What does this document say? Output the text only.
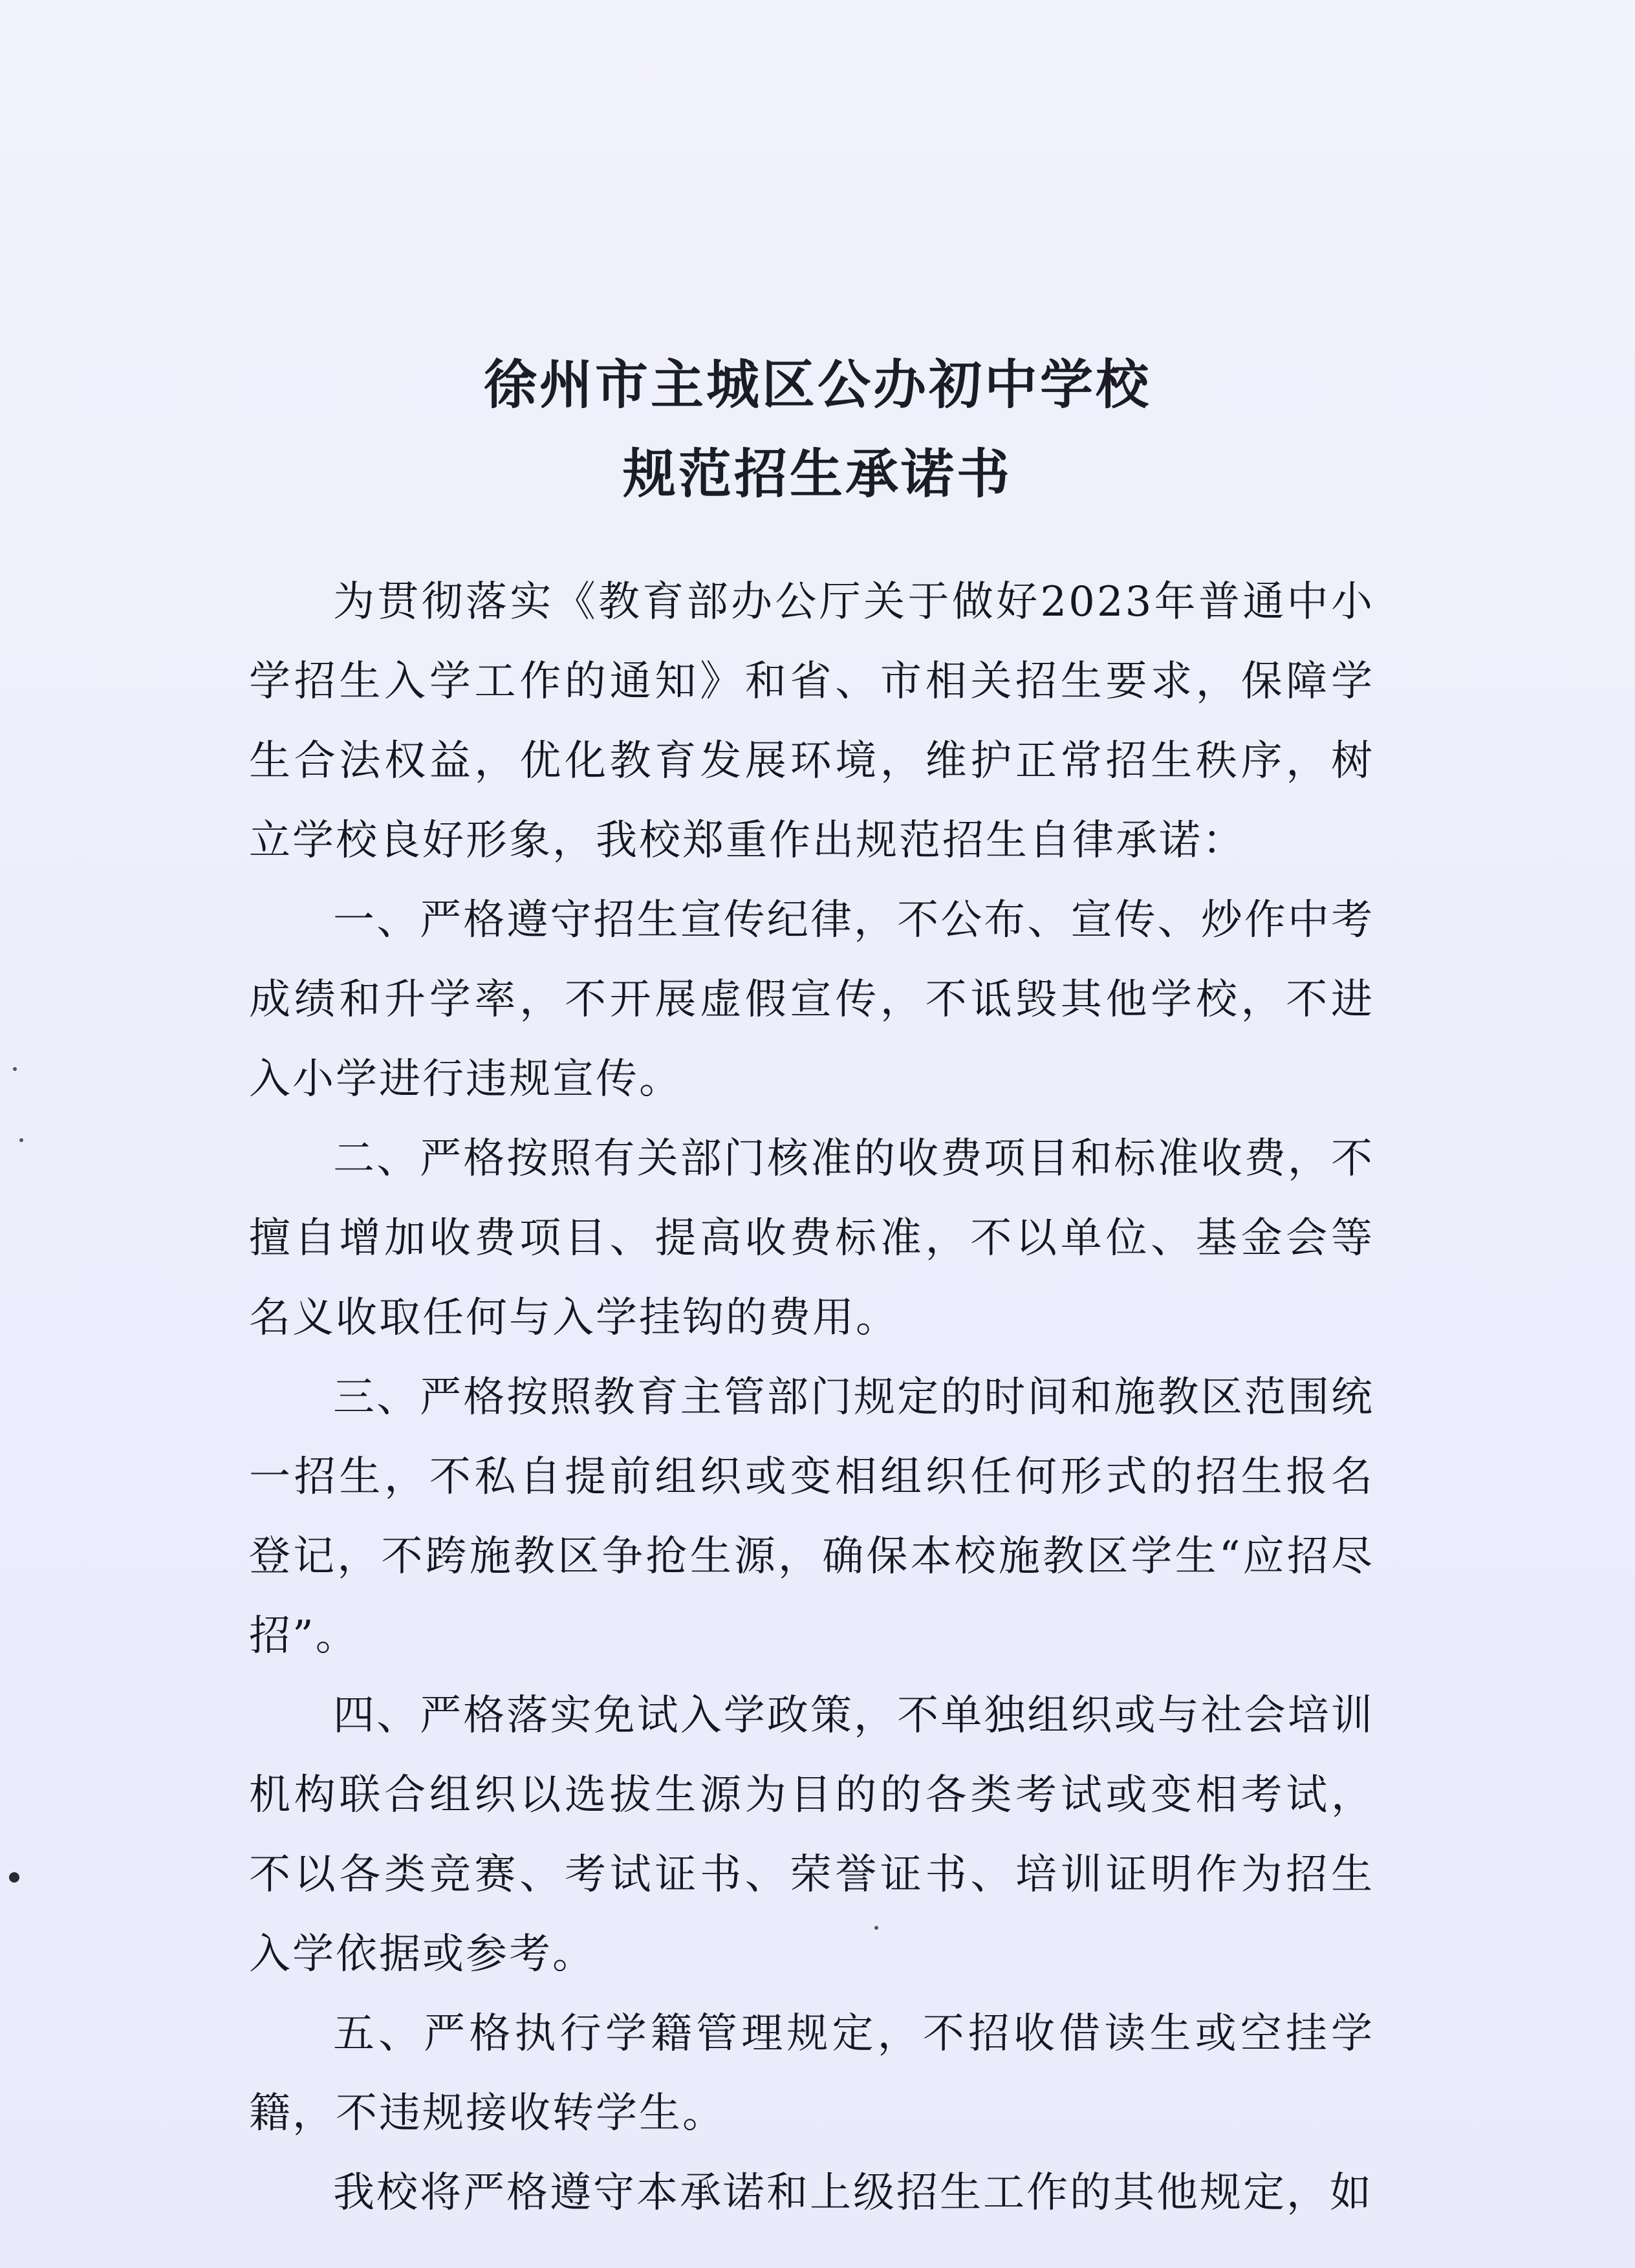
徐州市主城区公办初中学校
规范招生承诺书

为贯彻落实《教育部办公厅关于做好2023年普通中小学招生入学工作的通知》和省、市相关招生要求，保障学生合法权益，优化教育发展环境，维护正常招生秩序，树立学校良好形象，我校郑重作出规范招生自律承诺：

一、严格遵守招生宣传纪律，不公布、宣传、炒作中考成绩和升学率，不开展虚假宣传，不诋毁其他学校，不进入小学进行违规宣传。

二、严格按照有关部门核准的收费项目和标准收费，不擅自增加收费项目、提高收费标准，不以单位、基金会等名义收取任何与入学挂钩的费用。

三、严格按照教育主管部门规定的时间和施教区范围统一招生，不私自提前组织或变相组织任何形式的招生报名登记，不跨施教区争抢生源，确保本校施教区学生“应招尽招”。

四、严格落实免试入学政策，不单独组织或与社会培训机构联合组织以选拔生源为目的的各类考试或变相考试，不以各类竞赛、考试证书、荣誉证书、培训证明作为招生入学依据或参考。

五、严格执行学籍管理规定，不招收借读生或空挂学籍，不违规接收转学生。

我校将严格遵守本承诺和上级招生工作的其他规定，如
